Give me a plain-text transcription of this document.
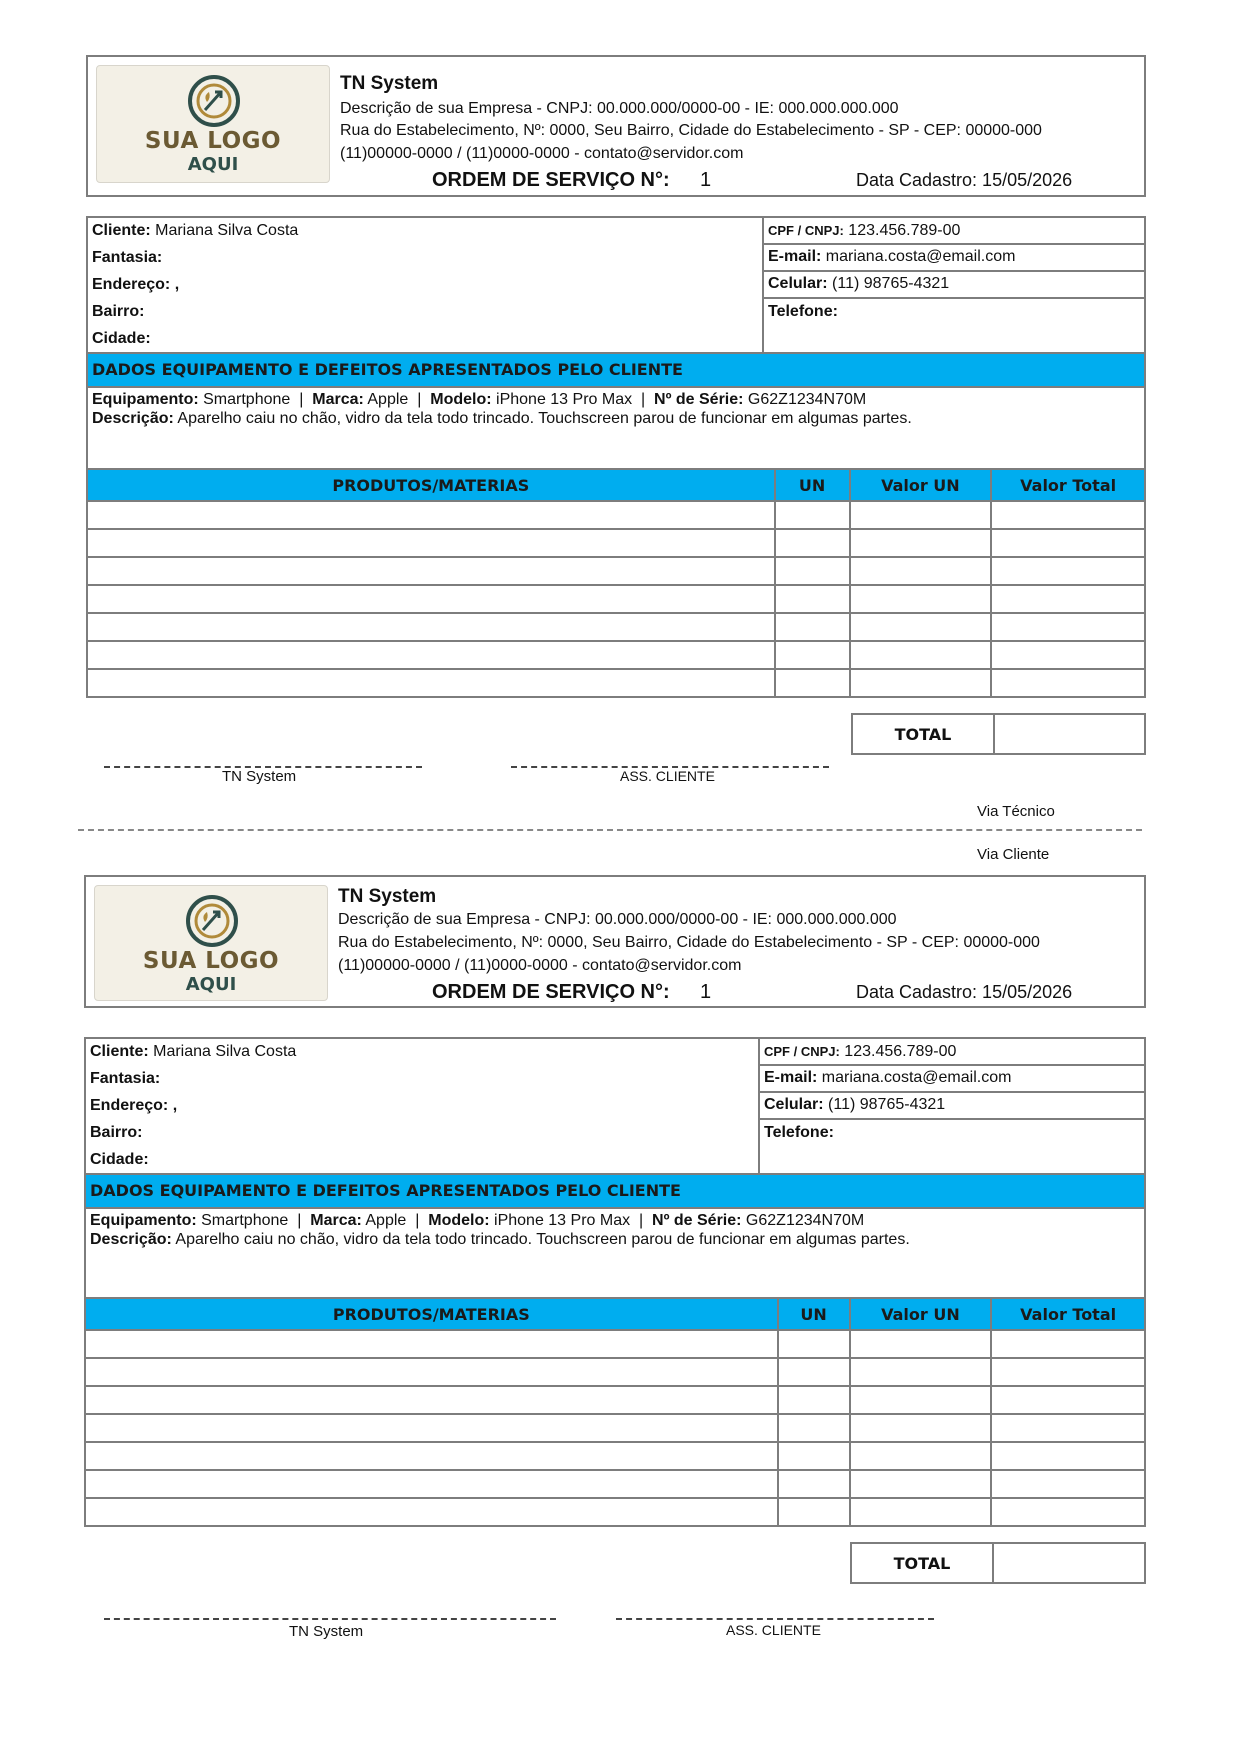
SUA LOGO
AQUI
TN System
Descrição de sua Empresa - CNPJ: 00.000.000/0000-00 - IE: 000.000.000.000
Rua do Estabelecimento, Nº: 0000, Seu Bairro, Cidade do Estabelecimento - SP - CEP: 00000-000
(11)00000-0000 / (11)0000-0000 - contato@servidor.com
ORDEM DE SERVIÇO N°: 1	Data Cadastro: 15/05/2026
Cliente: Mariana Silva Costa
Fantasia:
Endereço: ,
Bairro:
Cidade:
CPF / CNPJ: 123.456.789-00
E-mail: mariana.costa@email.com
Celular: (11) 98765-4321
Telefone:
DADOS EQUIPAMENTO E DEFEITOS APRESENTADOS PELO CLIENTE
Equipamento: Smartphone | Marca: Apple | Modelo: iPhone 13 Pro Max | Nº de Série: G62Z1234N70M
Descrição: Aparelho caiu no chão, vidro da tela todo trincado. Touchscreen parou de funcionar em algumas partes.
PRODUTOS/MATERIAS	UN	Valor UN	Valor Total

TOTAL
TN System	ASS. CLIENTE
Via Técnico
Via Cliente
SUA LOGO
AQUI
TN System
Descrição de sua Empresa - CNPJ: 00.000.000/0000-00 - IE: 000.000.000.000
Rua do Estabelecimento, Nº: 0000, Seu Bairro, Cidade do Estabelecimento - SP - CEP: 00000-000
(11)00000-0000 / (11)0000-0000 - contato@servidor.com
ORDEM DE SERVIÇO N°: 1	Data Cadastro: 15/05/2026
Cliente: Mariana Silva Costa
Fantasia:
Endereço: ,
Bairro:
Cidade:
CPF / CNPJ: 123.456.789-00
E-mail: mariana.costa@email.com
Celular: (11) 98765-4321
Telefone:
DADOS EQUIPAMENTO E DEFEITOS APRESENTADOS PELO CLIENTE
Equipamento: Smartphone | Marca: Apple | Modelo: iPhone 13 Pro Max | Nº de Série: G62Z1234N70M
Descrição: Aparelho caiu no chão, vidro da tela todo trincado. Touchscreen parou de funcionar em algumas partes.
PRODUTOS/MATERIAS	UN	Valor UN	Valor Total

TOTAL
TN System	ASS. CLIENTE
